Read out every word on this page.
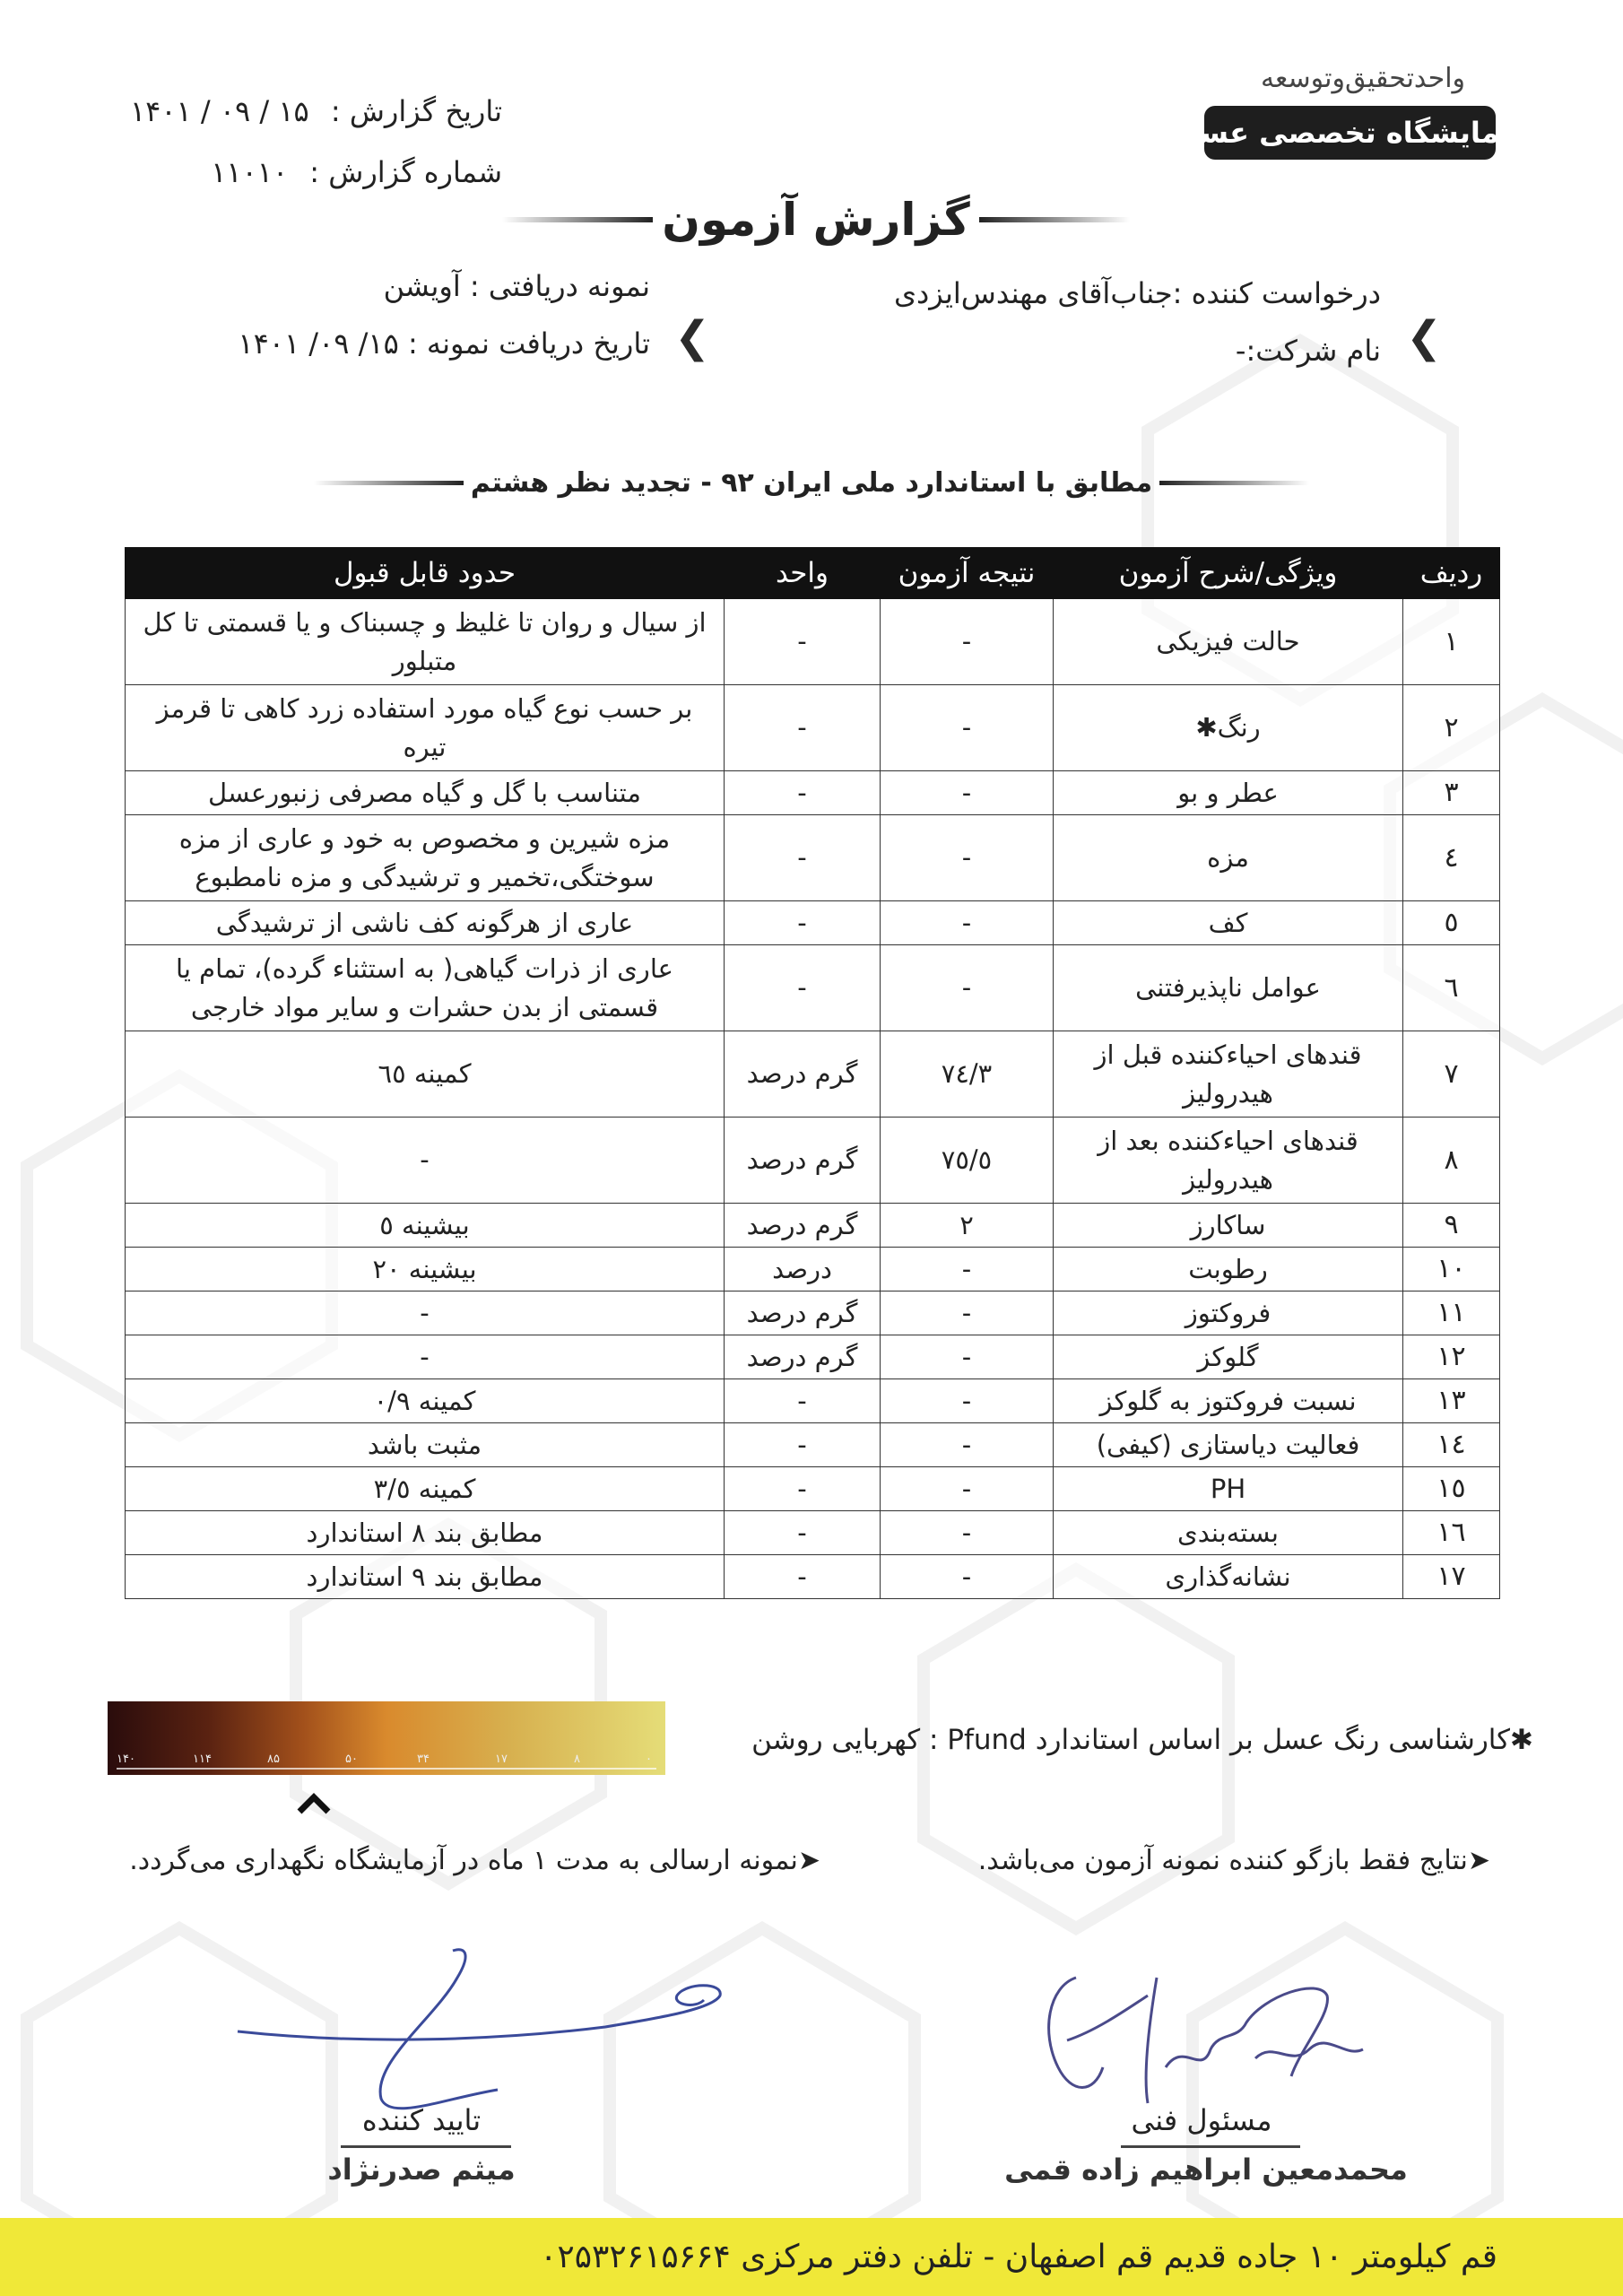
واحدتحقیق‌وتوسعه
آزمایشگاه تخصصی عسل
تاریخ گزارش : ۱۵ / ۰۹ / ۱۴۰۱
شماره گزارش : ۱۱۰۱۰
گزارش آزمون
❮
درخواست کننده :جناب‌آقای مهندس‌ایزدی
نام شرکت:-
❮
نمونه دریافتی : آویشن
تاریخ دریافت نمونه : ۱۵/ ۰۹/ ۱۴۰۱
مطابق با استاندارد ملی ایران ۹۲ - تجدید نظر هشتم
ردیف	ویژگی/شرح آزمون	نتیجه آزمون	واحد	حدود قابل قبول
١	حالت فیزیکی	-	-	از سیال و روان تا غلیظ و چسبناک و یا قسمتی تا کل متبلور
٢	رنگ✱	-	-	بر حسب نوع گیاه مورد استفاده زرد کاهی تا قرمز تیره
٣	عطر و بو	-	-	متناسب با گل و گیاه مصرفی زنبورعسل
٤	مزه	-	-	مزه شیرین و مخصوص به خود و عاری از مزه سوختگی،تخمیر و ترشیدگی و مزه نامطبوع
٥	کف	-	-	عاری از هرگونه کف ناشی از ترشیدگی
٦	عوامل ناپذیرفتنی	-	-	عاری از ذرات گیاهی( به استثناء گرده)، تمام یا قسمتی از بدن حشرات و سایر مواد خارجی
٧	قندهای احیاءکننده قبل از هیدرولیز	٧٤/٣	گرم درصد	کمینه ٦٥
٨	قندهای احیاءکننده بعد از هیدرولیز	٧٥/٥	گرم درصد	-
٩	ساکارز	٢	گرم درصد	بیشینه ٥
١٠	رطوبت	-	درصد	بیشینه ٢٠
١١	فروکتوز	-	گرم درصد	-
١٢	گلوکز	-	گرم درصد	-
١٣	نسبت فروکتوز به گلوکز	-	-	کمینه ٠/٩
١٤	فعالیت دیاستازی (کیفی)	-	-	مثبت باشد
١٥	PH	-	-	کمینه ٣/٥
١٦	بسته‌بندی	-	-	مطابق بند ٨ استاندارد
١٧	نشانه‌گذاری	-	-	مطابق بند ٩ استاندارد
۱۴۰	۱۱۴	۸۵	۵۰	۳۴	۱۷	۸	۰
✱کارشناسی رنگ عسل بر اساس استاندارد Pfund : کهربایی روشن
➤نتایج فقط بازگو کننده نمونه آزمون می‌باشد.
➤نمونه ارسالی به مدت ۱ ماه در آزمایشگاه نگهداری می‌گردد.
مسئول فنی
محمدمعین ابراهیم زاده قمی
تایید کننده
میثم صدرنژاد
قم کیلومتر ۱۰ جاده قدیم قم اصفهان - تلفن دفتر مرکزی ۰۲۵۳۲۶۱۵۶۶۴
